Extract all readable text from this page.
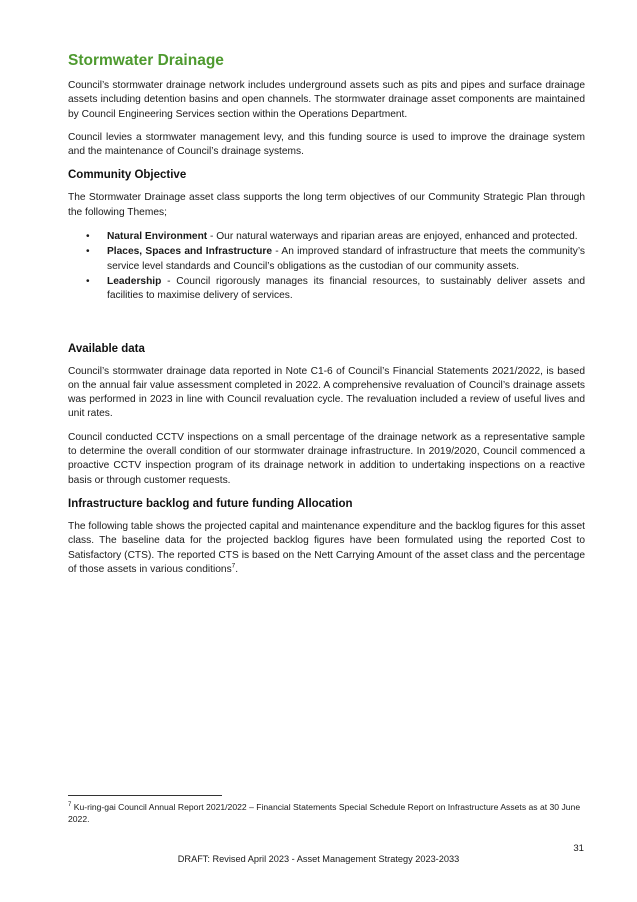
Stormwater Drainage

Council’s stormwater drainage network includes underground assets such as pits and pipes and surface drainage assets including detention basins and open channels. The stormwater drainage asset components are maintained by Council Engineering Services section within the Operations Department.

Council levies a stormwater management levy, and this funding source is used to improve the drainage system and the maintenance of Council’s drainage systems.

Community Objective

The Stormwater Drainage asset class supports the long term objectives of our Community Strategic Plan through the following Themes;

• Natural Environment - Our natural waterways and riparian areas are enjoyed, enhanced and protected.
• Places, Spaces and Infrastructure - An improved standard of infrastructure that meets the community’s service level standards and Council’s obligations as the custodian of our community assets.
• Leadership - Council rigorously manages its financial resources, to sustainably deliver assets and facilities to maximise delivery of services.
Available data

Council’s stormwater drainage data reported in Note C1-6 of Council’s Financial Statements 2021/2022, is based on the annual fair value assessment completed in 2022. A comprehensive revaluation of Council’s drainage assets was performed in 2023 in line with Council revaluation cycle. The revaluation included a review of useful lives and unit rates.

Council conducted CCTV inspections on a small percentage of the drainage network as a representative sample to determine the overall condition of our stormwater drainage infrastructure. In 2019/2020, Council commenced a proactive CCTV inspection program of its drainage network in addition to undertaking inspections on a reactive basis or through customer requests.

Infrastructure backlog and future funding Allocation

The following table shows the projected capital and maintenance expenditure and the backlog figures for this asset class. The baseline data for the projected backlog figures have been formulated using the reported Cost to Satisfactory (CTS). The reported CTS is based on the Nett Carrying Amount of the asset class and the percentage of those assets in various conditions$^7$.

$^7$ Ku-ring-gai Council Annual Report 2021/2022 – Financial Statements Special Schedule Report on Infrastructure Assets as at 30 June 2022.
31
DRAFT: Revised April 2023 - Asset Management Strategy 2023-2033
